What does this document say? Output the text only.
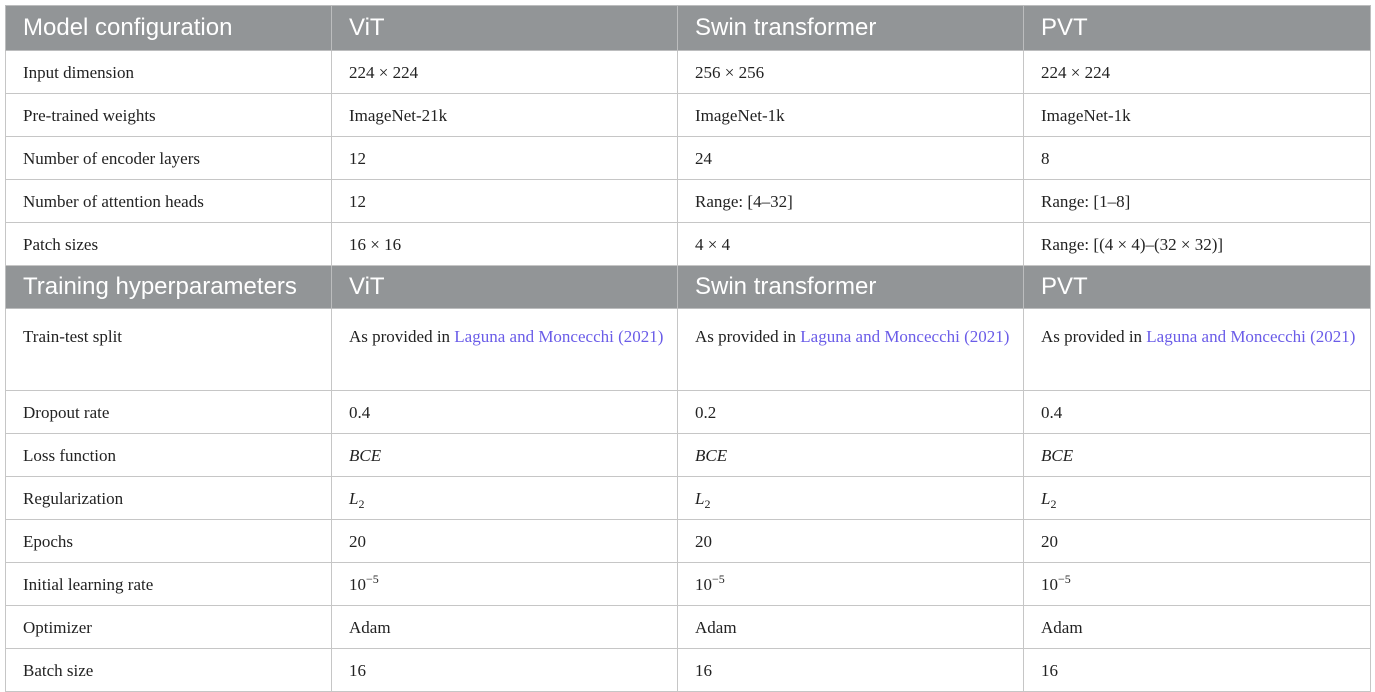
Model configuration	ViT	Swin transformer	PVT
Input dimension	224 × 224	256 × 256	224 × 224
Pre-trained weights	ImageNet-21k	ImageNet-1k	ImageNet-1k
Number of encoder layers	12	24	8
Number of attention heads	12	Range: [4–32]	Range: [1–8]
Patch sizes	16 × 16	4 × 4	Range: [(4 × 4)–(32 × 32)]
Training hyperparameters	ViT	Swin transformer	PVT
Train-test split	As provided in Laguna and Moncecchi (2021)	As provided in Laguna and Moncecchi (2021)	As provided in Laguna and Moncecchi (2021)
Dropout rate	0.4	0.2	0.4
Loss function	BCE	BCE	BCE
Regularization	$L_2$	$L_2$	$L_2$
Epochs	20	20	20
Initial learning rate	$10^{-5}$	$10^{-5}$	$10^{-5}$
Optimizer	Adam	Adam	Adam
Batch size	16	16	16
